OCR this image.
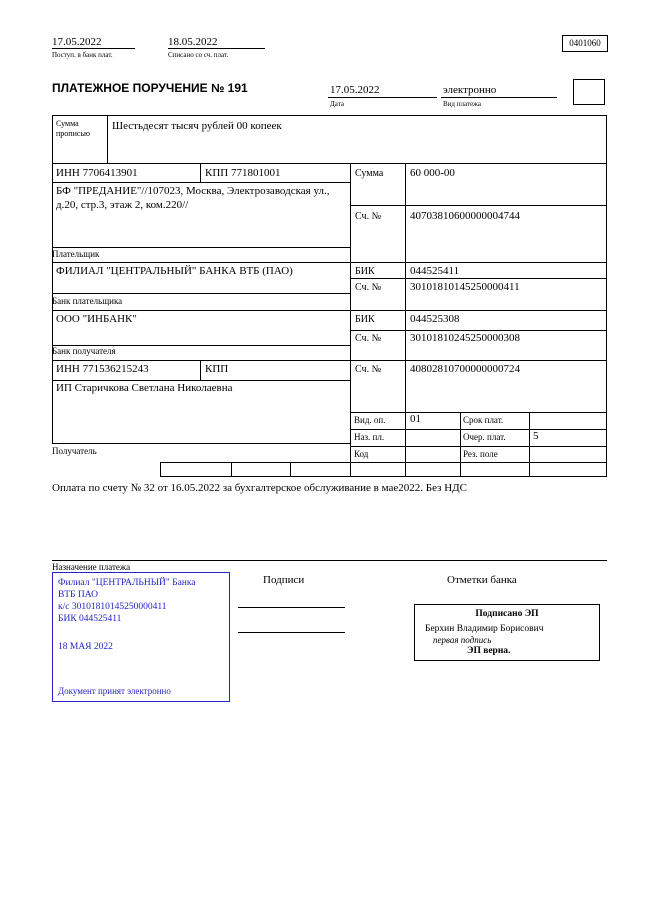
17.05.2022	18.05.2022
Поступ. в банк плат.	Списано со сч. плат.
0401060
ПЛАТЕЖНОЕ ПОРУЧЕНИЕ № 191	17.05.2022	электронно
Дата	Вид платежа
Сумма прописью
Шестьдесят тысяч рублей 00 копеек
ИНН 7706413901	КПП 771801001	Сумма 60 000-00
БФ "ПРЕДАНИЕ"//107023, Москва, Электрозаводская ул., д.20, стр.3, этаж 2, ком.220//
Сч. №	40703810600000004744
Плательщик
ФИЛИАЛ "ЦЕНТРАЛЬНЫЙ" БАНКА ВТБ (ПАО)	БИК	044525411
Сч. №	30101810145250000411
Банк плательщика
ООО "ИНБАНК"	БИК	044525308
Сч. №	30101810245250000308
Банк получателя
ИНН 771536215243	КПП	Сч. №	40802810700000000724
ИП Старичкова Светлана Николаевна
Вид. оп. 01	Срок плат.
Наз. пл.	Очер. плат. 5
Получатель	Код	Рез. поле
Оплата по счету № 32 от 16.05.2022 за бухгалтерское обслуживание в мае2022. Без НДС
Назначение платежа
Подписи	Отметки банка
Филиал "ЦЕНТРАЛЬНЫЙ" Банка
ВТБ ПАО
к/с 30101810145250000411
БИК 044525411
18 МАЯ 2022
Документ принят электронно
Подписано ЭП
Берхин Владимир Борисович
первая подпись
ЭП верна.
